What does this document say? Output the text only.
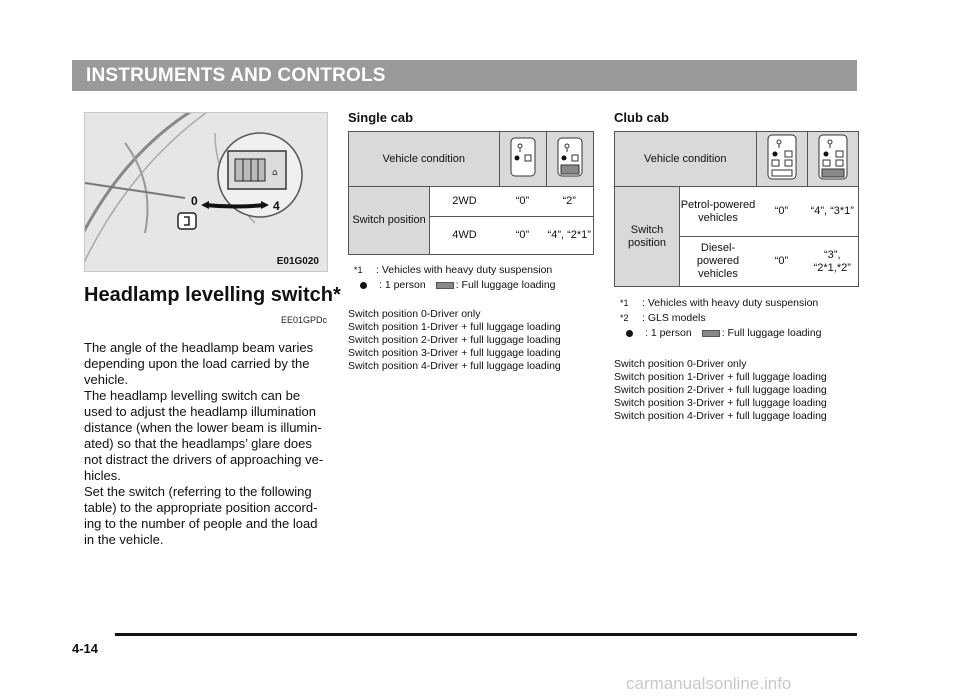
INSTRUMENTS AND CONTROLS
⌂
0	4
E01G020
Headlamp levelling switch*
EE01GPDc

The angle of the headlamp beam varies depending upon the load carried by the vehicle.

The headlamp levelling switch can be used to adjust the headlamp illumination distance (when the lower beam is illumin-ated) so that the headlamps’ glare does not distract the drivers of approaching ve-hicles.

Set the switch (referring to the following table) to the appropriate position accord-ing to the number of people and the load in the vehicle.

Single cab
Vehicle condition		
Switch position	2WD	“0”	“2”
	4WD	“0”	“4”, “2*1”
*1	: Vehicles with heavy duty suspension
: 1 person	: Full luggage loading
Switch position 0-Driver only
Switch position 1-Driver + full luggage loading
Switch position 2-Driver + full luggage loading
Switch position 3-Driver + full luggage loading
Switch position 4-Driver + full luggage loading
Club cab
Vehicle condition		
Switch position	Petrol-powered vehicles	“0”	“4”, “3*1”
	Diesel-powered vehicles	“0”	“3”, “2*1,*2”
*1	: Vehicles with heavy duty suspension
*2	: GLS models
: 1 person	: Full luggage loading
Switch position 0-Driver only
Switch position 1-Driver + full luggage loading
Switch position 2-Driver + full luggage loading
Switch position 3-Driver + full luggage loading
Switch position 4-Driver + full luggage loading
4-14
carmanualsonline.info
